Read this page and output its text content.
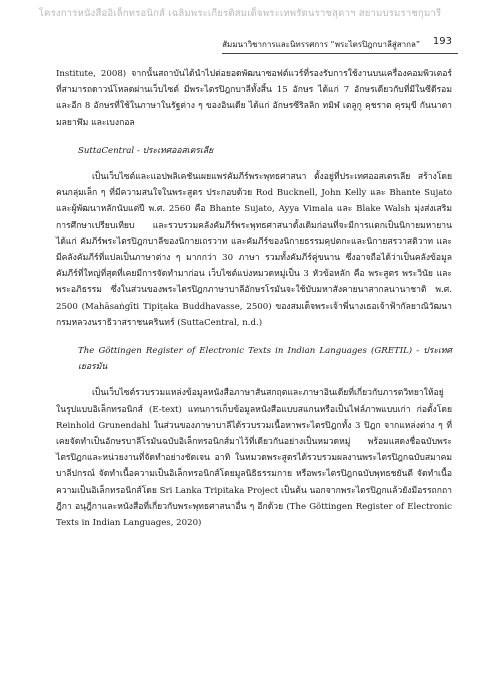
โครงการหนังสืออิเล็กทรอนิกส์ เฉลิมพระเกียรติสมเด็จพระเทพรัตนราชสุดาฯ สยามบรมราชกุมารี
สัมมนาวิชาการและนิทรรศการ “พระไตรปิฎกบาลีสู่สากล” 193

Institute, 2008) จากนั้นสถาบันได้นำไปต่อยอดพัฒนาซอฟต์แวร์ที่รองรับการใช้งานบนเครื่องคอมพิวเตอร์ที่สามารถดาวน์โหลดผ่านเว็บไซต์ มีพระไตรปิฎกบาลีทั้งสิ้น 15 อักษร ได้แก่ 7 อักษรเดียวกับที่มีในซีดีรอมและอีก 8 อักษรที่ใช้ในภาษาในรัฐต่าง ๆ ของอินเดีย ได้แก่ อักษรซีริลลิก ทมิฬ เตลูกู คุชราต คุรมุขี กันนาดา มลยาฬัม และเบงกอล

SuttaCentral - ประเทศออสเตรเลีย

เป็นเว็บไซต์และแอปพลิเคชันเผยแพร่คัมภีร์พระพุทธศาสนา ตั้งอยู่ที่ประเทศออสเตรเลีย สร้างโดยคนกลุ่มเล็ก ๆ ที่มีความสนใจในพระสูตร ประกอบด้วย Rod Bucknell, John Kelly และ Bhante Sujato และผู้พัฒนาหลักนับแต่ปี พ.ศ. 2560 คือ Bhante Sujato, Ayya Vimala และ Blake Walsh มุ่งส่งเสริมการศึกษาเปรียบเทียบ และรวบรวมคลังคัมภีร์พระพุทธศาสนาดั้งเดิมก่อนที่จะมีการแตกเป็นนิกายมหายาน ได้แก่ คัมภีร์พระไตรปิฎกบาลีของนิกายเถรวาท และคัมภีร์ของนิกายธรรมคุปตกะและนิกายสรวาสติวาท และมีคลังคัมภีร์ที่แปลเป็นภาษาต่าง ๆ มากกว่า 30 ภาษา รวมทั้งคัมภีร์คู่ขนาน ซึ่งอาจถือได้ว่าเป็นคลังข้อมูลคัมภีร์ที่ใหญ่ที่สุดที่เคยมีการจัดทำมาก่อน เว็บไซต์แบ่งหมวดหมู่เป็น 3 หัวข้อหลัก คือ พระสูตร พระวินัย และพระอภิธรรม ซึ่งในส่วนของพระไตรปิฎกภาษาบาลีอักษรโรมันจะใช้บับมหาสังคายนาสากลนานาชาติ พ.ศ. 2500 (Mahāsaṅgīti Tipiṭaka Buddhavasse, 2500) ของสมเด็จพระเจ้าพี่นางเธอเจ้าฟ้ากัลยาณิวัฒนา กรมหลวงนราธิวาสราชนครินทร์ (SuttaCentral, n.d.)

The Göttingen Register of Electronic Texts in Indian Languages (GRETIL) - ประเทศเยอรมัน

เป็นเว็บไซต์รวบรวมแหล่งข้อมูลหนังสือภาษาสันสกฤตและภาษาอินเดียที่เกี่ยวกับภารตวิทยาให้อยู่ในรูปแบบอิเล็กทรอนิกส์ (E-text) แทนการเก็บข้อมูลหนังสือแบบสแกนหรือเป็นไฟล์ภาพแบบเก่า ก่อตั้งโดย Reinhold Grunendahl ในส่วนของภาษาบาลีได้รวบรวมเนื้อหาพระไตรปิฎกทั้ง 3 ปิฎก จากแหล่งต่าง ๆ ที่เคยจัดทำเป็นอักษรบาลีโรมันฉบับอิเล็กทรอนิกส์มาไว้ที่เดียวกันอย่างเป็นหมวดหมู่ พร้อมแสดงชื่อฉบับพระไตรปิฎกและหน่วยงานที่จัดทำอย่างชัดเจน อาทิ ในหมวดพระสูตรได้รวบรวมผลงานพระไตรปิฎกฉบับสมาคมบาลีปกรณ์ จัดทำเนื้อความเป็นอิเล็กทรอนิกส์โดยมูลนิธิธรรมกาย หรือพระไตรปิฎกฉบับพุทธชยันตี จัดทำเนื้อความเป็นอิเล็กทรอนิกส์โดย Sri Lanka Tripitaka Project เป็นต้น นอกจากพระไตรปิฎกแล้วยังมีอรรถกถา ฎีกา อนุฎีกาและหนังสือที่เกี่ยวกับพระพุทธศาสนาอื่น ๆ อีกด้วย (The Göttingen Register of Electronic Texts in Indian Languages, 2020)
